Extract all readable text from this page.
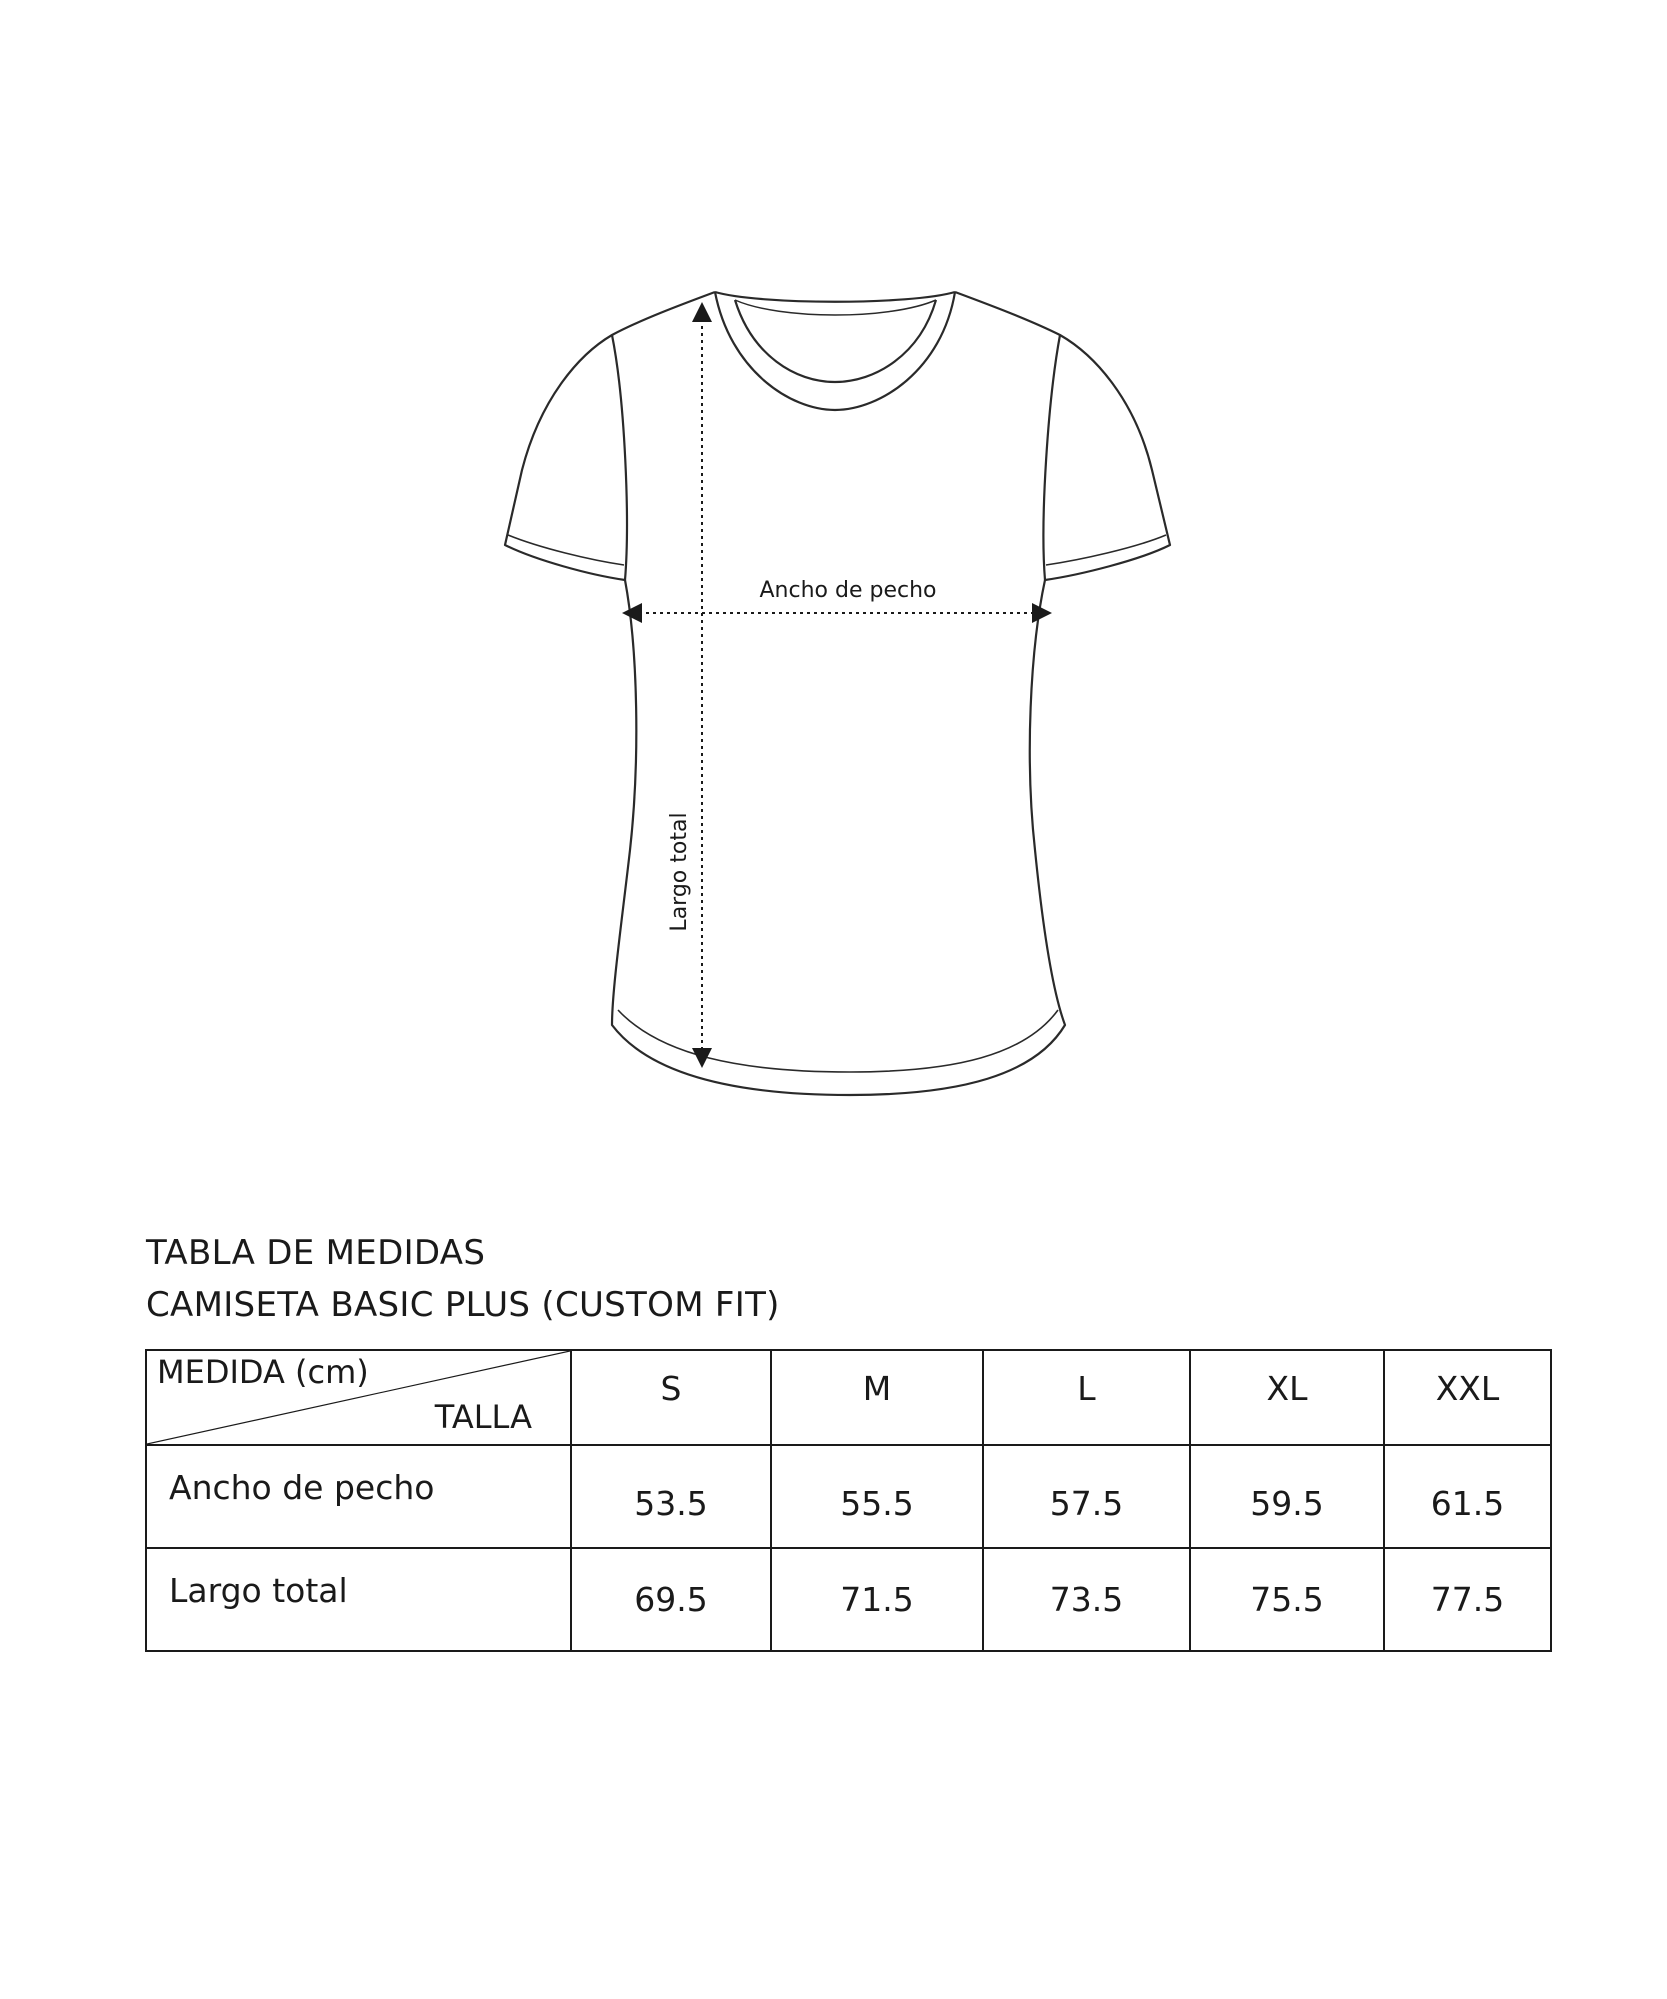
Ancho de pecho
Largo total
TABLA DE MEDIDAS
CAMISETA BASIC PLUS (CUSTOM FIT)
MEDIDA (cm)
TALLA	S	M	L	XL	XXL
Ancho de pecho	53.5	55.5	57.5	59.5	61.5
Largo total	69.5	71.5	73.5	75.5	77.5
